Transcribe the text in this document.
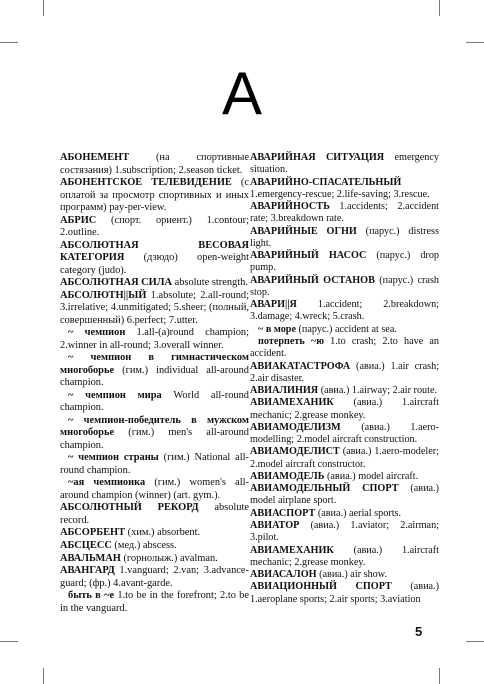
A

АБОНЕМЕНТ (на спортивные состязания) 1.subscription; 2.season ticket.

АБОНЕНТСКОЕ ТЕЛЕВИДЕНИЕ (с оплатой за просмотр спортивных и иных программ) pay-per-view.

АБРИС (спорт. ориент.) 1.contour; 2.outline.

АБСОЛЮТНАЯ ВЕСОВАЯ КАТЕГОРИЯ (дзюдо) open-weight category (judo).

АБСОЛЮТНАЯ СИЛА absolute strength.

АБСОЛЮТН||ЫЙ 1.absolute; 2.all-round; 3.irrelative; 4.unmitigated; 5.sheer; (полный, совершенный) 6.perfect; 7.utter.

~ чемпион 1.all-(a)round champion; 2.winner in all-round; 3.overall winner.

~ чемпион в гимнастическом многоборье (гим.) individual all-around champion.

~ чемпион мира World all-round champion.

~ чемпион-победитель в мужском многоборье (гим.) men's all-around champion.

~ чемпион страны (гим.) National all-round champion.

~ая чемпионка (гим.) women's all-around champion (winner) (art. gym.).

АБСОЛЮТНЫЙ РЕКОРД absolute record.

АБСОРБЕНТ (хим.) absorbent.

АБСЦЕСС (мед.) abscess.

АВАЛЬМАН (горнолыж.) avalman.

АВАНГАРД 1.vanguard; 2.van; 3.advance-guard; (фр.) 4.avant-garde.

быть в ~е 1.to be in the forefront; 2.to be in the vanguard.

АВАРИЙНАЯ СИТУАЦИЯ emergency situation.

АВАРИЙНО-СПАСАТЕЛЬНЫЙ 1.emergency-rescue; 2.life-saving; 3.rescue.

АВАРИЙНОСТЬ 1.accidents; 2.accident rate; 3.breakdown rate.

АВАРИЙНЫЕ ОГНИ (парус.) distress light.

АВАРИЙНЫЙ НАСОС (парус.) drop pump.

АВАРИЙНЫЙ ОСТАНОВ (парус.) crash stop.

АВАРИ||Я 1.accident; 2.breakdown; 3.damage; 4.wreck; 5.crash.

~ в море (парус.) accident at sea.

потерпеть ~ю 1.to crash; 2.to have an accident.

АВИАКАТАСТРОФА (авиа.) 1.air crash; 2.air disaster.

АВИАЛИНИЯ (авиа.) 1.airway; 2.air route.

АВИАМЕХАНИК (авиа.) 1.aircraft mechanic; 2.grease monkey.

АВИАМОДЕЛИЗМ (авиа.) 1.aero-modelling; 2.model aircraft construction.

АВИАМОДЕЛИСТ (авиа.) 1.aero-modeler; 2.model aircraft constructor.

АВИАМОДЕЛЬ (авиа.) model aircraft.

АВИАМОДЕЛЬНЫЙ СПОРТ (авиа.) model airplane sport.

АВИАСПОРТ (авиа.) aerial sports.

АВИАТОР (авиа.) 1.aviator; 2.airman; 3.pilot.

АВИАМЕХАНИК (авиа.) 1.aircraft mechanic; 2.grease monkey.

АВИАСАЛОН (авиа.) air show.

АВИАЦИОННЫЙ СПОРТ (авиа.) 1.aeroplane sports; 2.air sports; 3.aviation

5
